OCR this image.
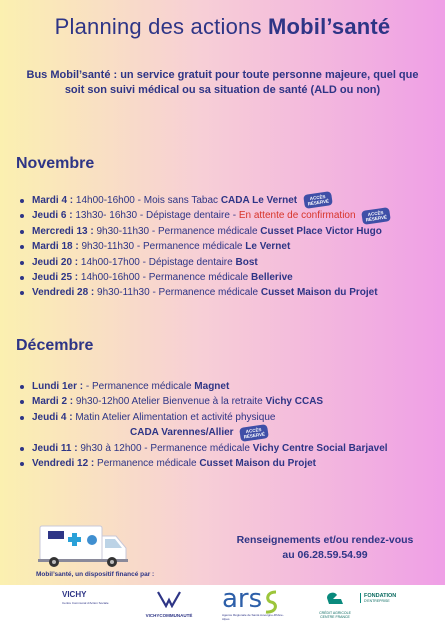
Planning des actions Mobil’santé
Bus Mobil’santé : un service gratuit pour toute personne majeure, quel que soit son suivi médical ou sa situation de santé (ALD ou non)
Novembre
Mardi 4 : 14h00-16h00 - Mois sans Tabac CADA Le Vernet	ACCÈS RÉSERVÉ
Jeudi 6 : 13h30- 16h30 - Dépistage dentaire - En attente de confirmation	ACCÈS RÉSERVÉ
Mercredi 13 : 9h30-11h30 - Permanence médicale Cusset Place Victor Hugo
Mardi 18 : 9h30-11h30 - Permanence médicale Le Vernet
Jeudi 20 : 14h00-17h00 - Dépistage dentaire Bost
Jeudi 25 : 14h00-16h00 - Permanence médicale Bellerive
Vendredi 28 : 9h30-11h30 - Permanence médicale Cusset Maison du Projet
Décembre
Lundi 1er : - Permanence médicale Magnet
Mardi 2 : 9h30-12h00 Atelier Bienvenue à la retraite Vichy CCAS
Jeudi 4 : Matin Atelier Alimentation et activité physique
CADA Varennes/Allier	ACCÈS RÉSERVÉ
Jeudi 11 : 9h30 à 12h00 - Permanence médicale Vichy Centre Social Barjavel
Vendredi 12 : Permanence médicale Cusset Maison du Projet
Renseignements et/ou rendez-vous
au 06.28.59.54.99
Mobil’santé, un dispositif financé par :
VICHY
Centre Communal d’Action Sociale
VICHYCOMMUNAUTÉ
ars
Agence Régionale de Santé Auvergne-Rhône-Alpes
CRÉDIT AGRICOLE CENTRE FRANCE
FONDATION
D’ENTREPRISE
